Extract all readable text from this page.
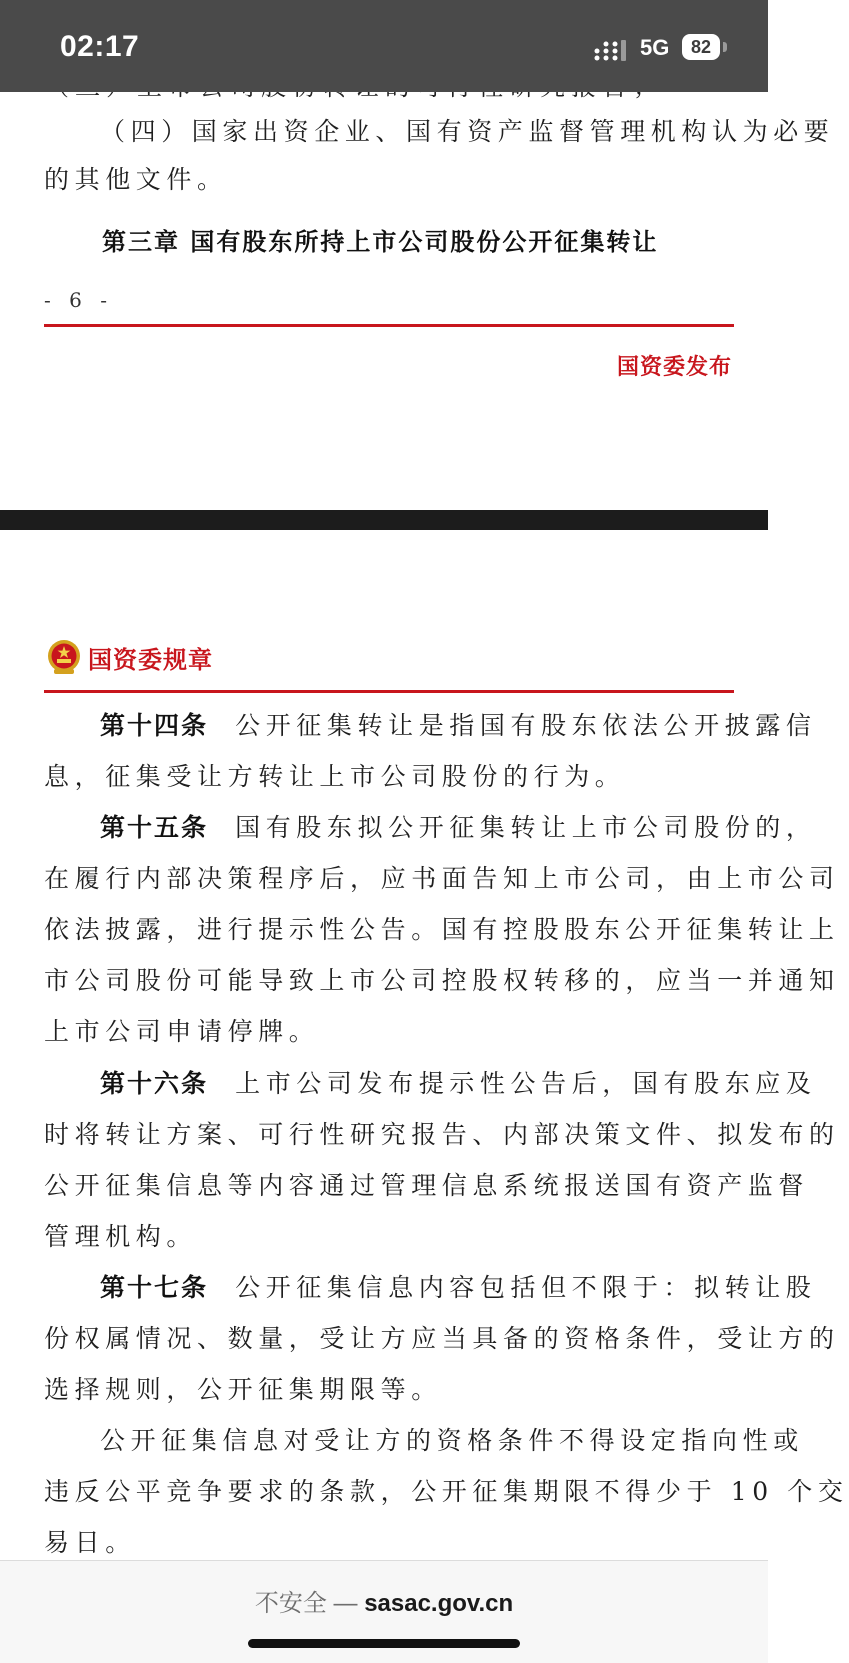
（四）国家出资企业、国有资产监督管理机构认为必要
的其他文件。
第三章 国有股东所持上市公司股份公开征集转让
- 6 -
国资委发布
国资委规章
第十四条 公开征集转让是指国有股东依法公开披露信
息，征集受让方转让上市公司股份的行为。
第十五条 国有股东拟公开征集转让上市公司股份的，
在履行内部决策程序后，应书面告知上市公司，由上市公司
依法披露，进行提示性公告。国有控股股东公开征集转让上
市公司股份可能导致上市公司控股权转移的，应当一并通知
上市公司申请停牌。
第十六条 上市公司发布提示性公告后，国有股东应及
时将转让方案、可行性研究报告、内部决策文件、拟发布的
公开征集信息等内容通过管理信息系统报送国有资产监督
管理机构。
第十七条 公开征集信息内容包括但不限于：拟转让股
份权属情况、数量，受让方应当具备的资格条件，受让方的
选择规则，公开征集期限等。
公开征集信息对受让方的资格条件不得设定指向性或
违反公平竞争要求的条款，公开征集期限不得少于 10 个交
易日。
02:17	5G	82
不安全 — sasac.gov.cn
